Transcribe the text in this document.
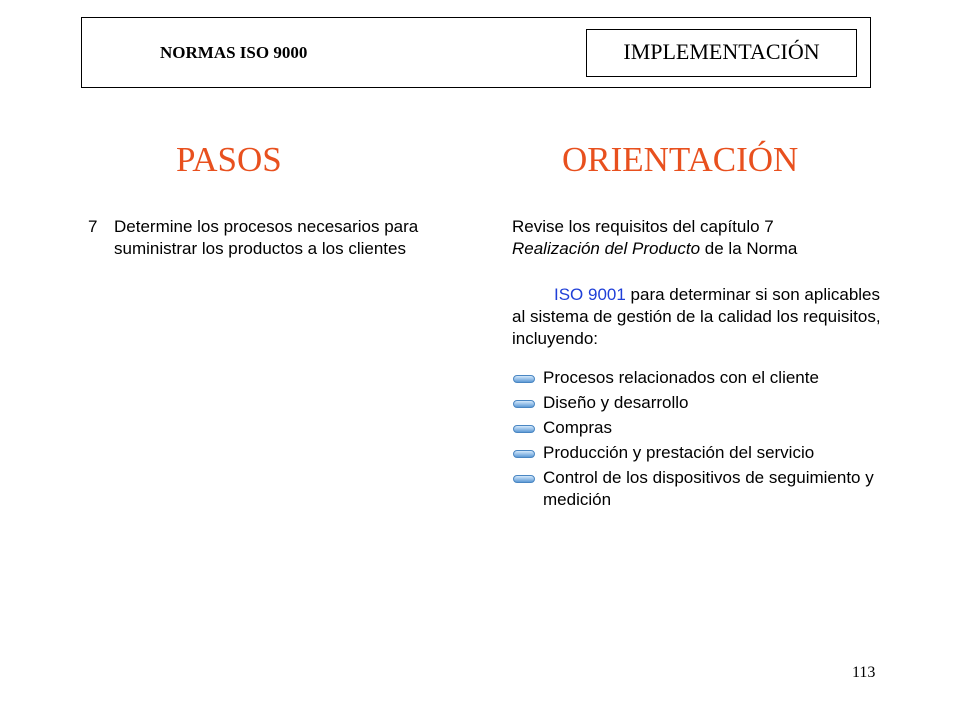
NORMAS ISO 9000	IMPLEMENTACIÓN
PASOS	ORIENTACIÓN
7 Determine los procesos necesarios para suministrar los productos a los clientes

Revise los requisitos del capítulo 7
Realización del Producto de la Norma

ISO 9001 para determinar si son aplicables al sistema de gestión de la calidad los requisitos, incluyendo:

Procesos relacionados con el cliente
Diseño y desarrollo
Compras
Producción y prestación del servicio
Control de los dispositivos de seguimiento y medición
113
